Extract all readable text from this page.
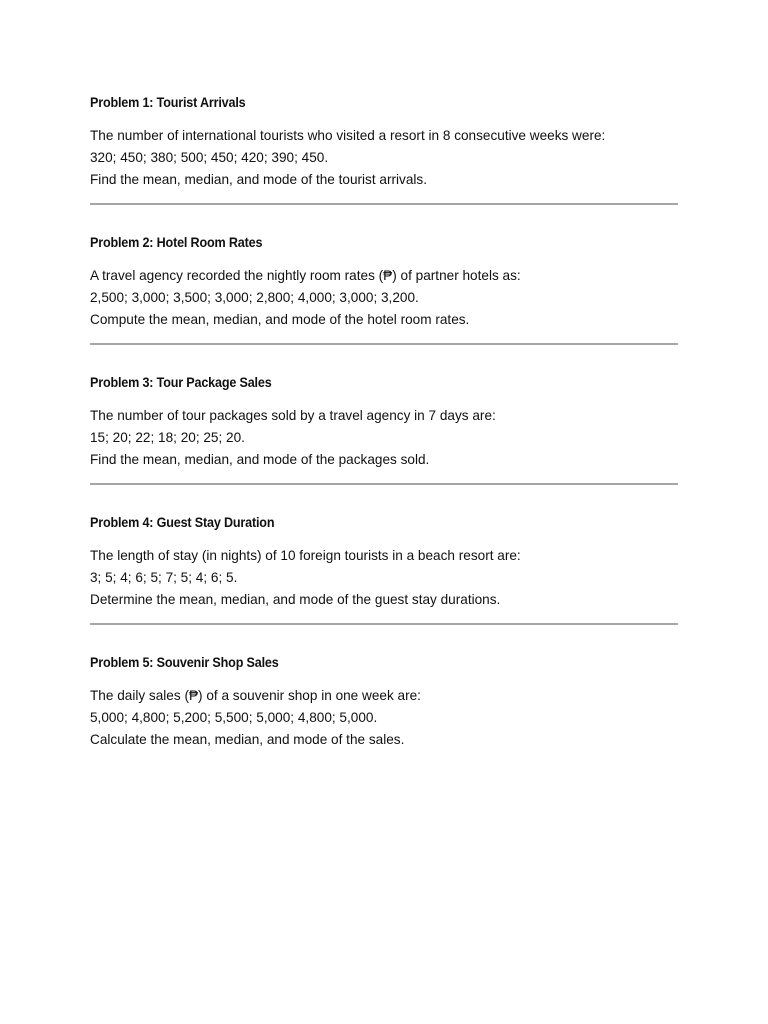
Problem 1: Tourist Arrivals

The number of international tourists who visited a resort in 8 consecutive weeks were:

320; 450; 380; 500; 450; 420; 390; 450.

Find the mean, median, and mode of the tourist arrivals.

Problem 2: Hotel Room Rates

A travel agency recorded the nightly room rates (₱) of partner hotels as:

2,500; 3,000; 3,500; 3,000; 2,800; 4,000; 3,000; 3,200.

Compute the mean, median, and mode of the hotel room rates.

Problem 3: Tour Package Sales

The number of tour packages sold by a travel agency in 7 days are:

15; 20; 22; 18; 20; 25; 20.

Find the mean, median, and mode of the packages sold.

Problem 4: Guest Stay Duration

The length of stay (in nights) of 10 foreign tourists in a beach resort are:

3; 5; 4; 6; 5; 7; 5; 4; 6; 5.

Determine the mean, median, and mode of the guest stay durations.

Problem 5: Souvenir Shop Sales

The daily sales (₱) of a souvenir shop in one week are:

5,000; 4,800; 5,200; 5,500; 5,000; 4,800; 5,000.

Calculate the mean, median, and mode of the sales.
